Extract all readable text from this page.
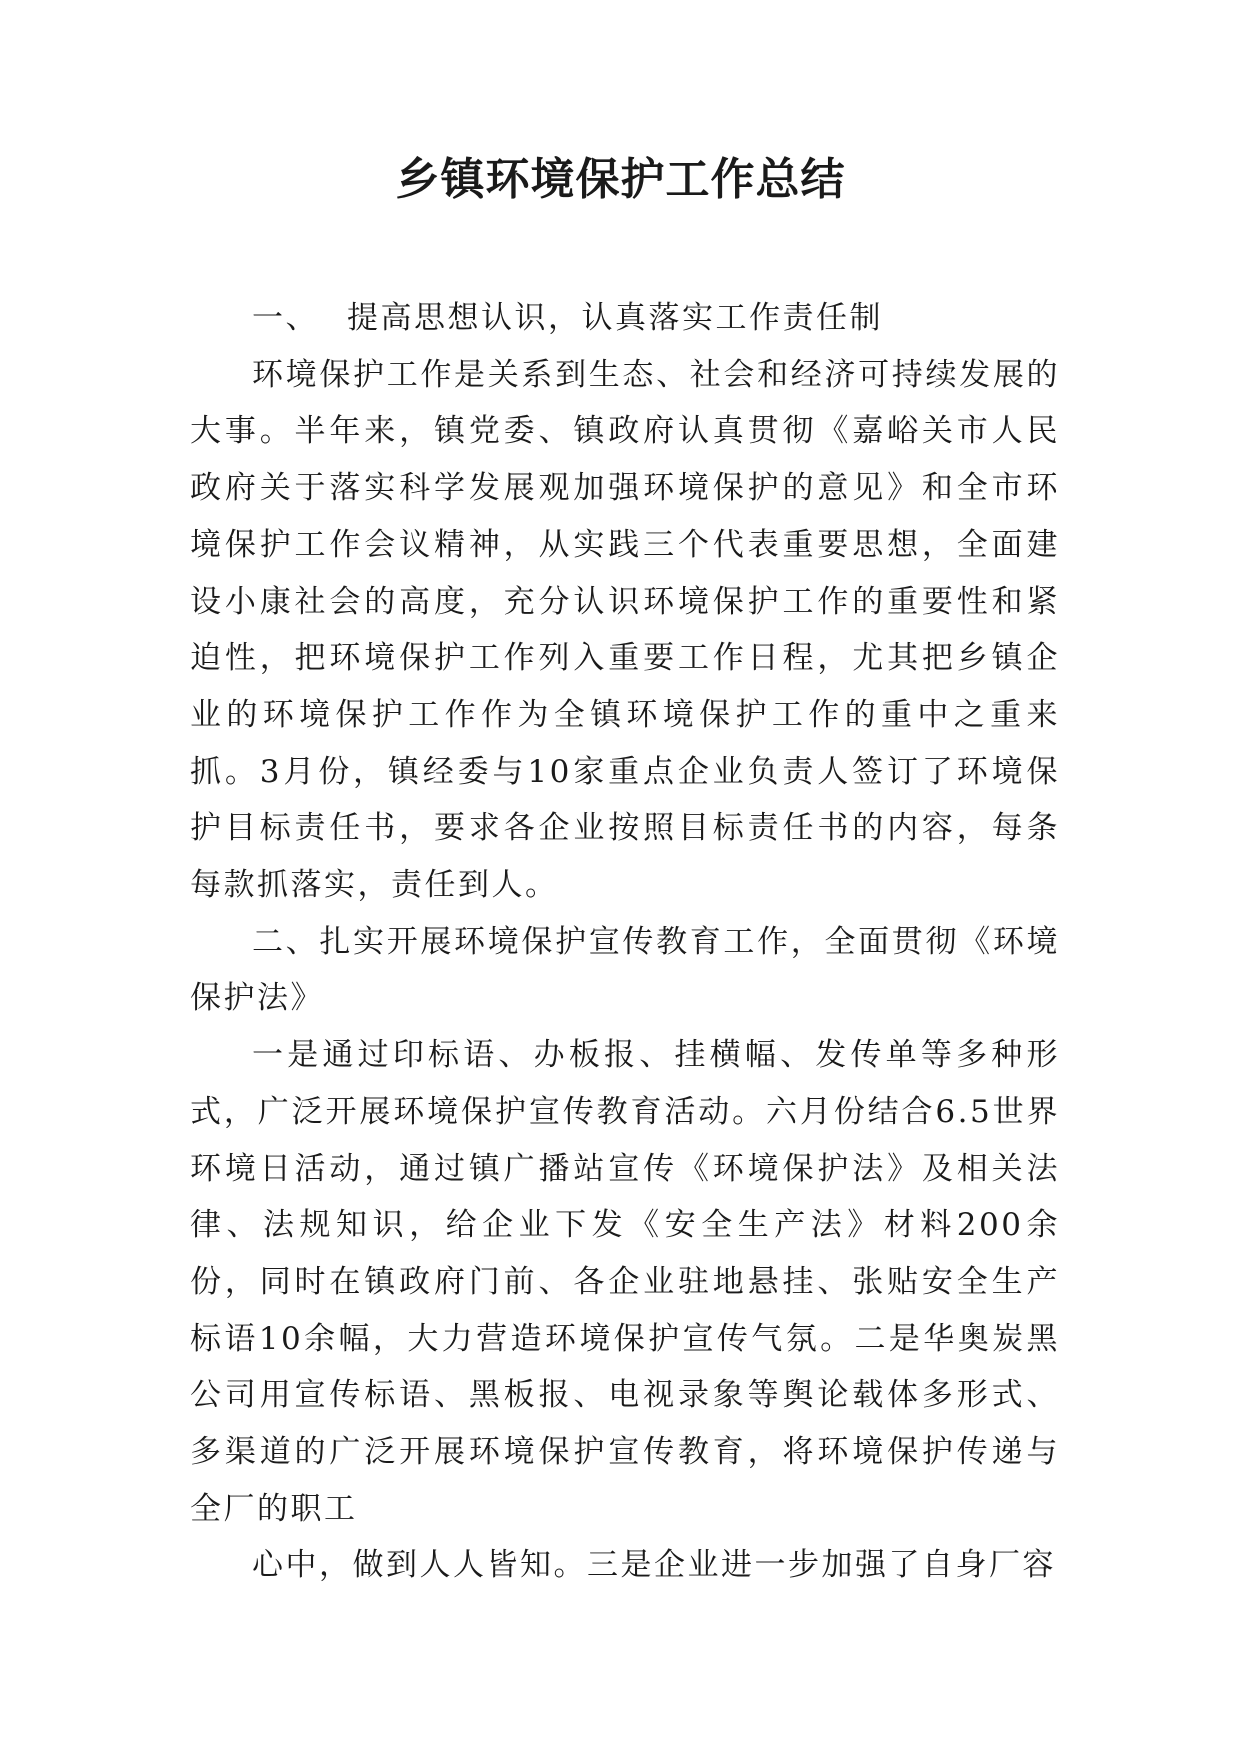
乡镇环境保护工作总结

一、 提高思想认识，认真落实工作责任制

环境保护工作是关系到生态、社会和经济可持续发展的大事。半年来，镇党委、镇政府认真贯彻《嘉峪关市人民政府关于落实科学发展观加强环境保护的意见》和全市环境保护工作会议精神，从实践三个代表重要思想，全面建设小康社会的高度，充分认识环境保护工作的重要性和紧迫性，把环境保护工作列入重要工作日程，尤其把乡镇企业的环境保护工作作为全镇环境保护工作的重中之重来抓。3月份，镇经委与10家重点企业负责人签订了环境保护目标责任书，要求各企业按照目标责任书的内容，每条每款抓落实，责任到人。

二、扎实开展环境保护宣传教育工作，全面贯彻《环境保护法》

一是通过印标语、办板报、挂横幅、发传单等多种形式，广泛开展环境保护宣传教育活动。六月份结合6.5世界环境日活动，通过镇广播站宣传《环境保护法》及相关法律、法规知识，给企业下发《安全生产法》材料200余份，同时在镇政府门前、各企业驻地悬挂、张贴安全生产标语10余幅，大力营造环境保护宣传气氛。二是华奥炭黑公司用宣传标语、黑板报、电视录象等舆论载体多形式、多渠道的广泛开展环境保护宣传教育，将环境保护传递与全厂的职工

心中，做到人人皆知。三是企业进一步加强了自身厂容
